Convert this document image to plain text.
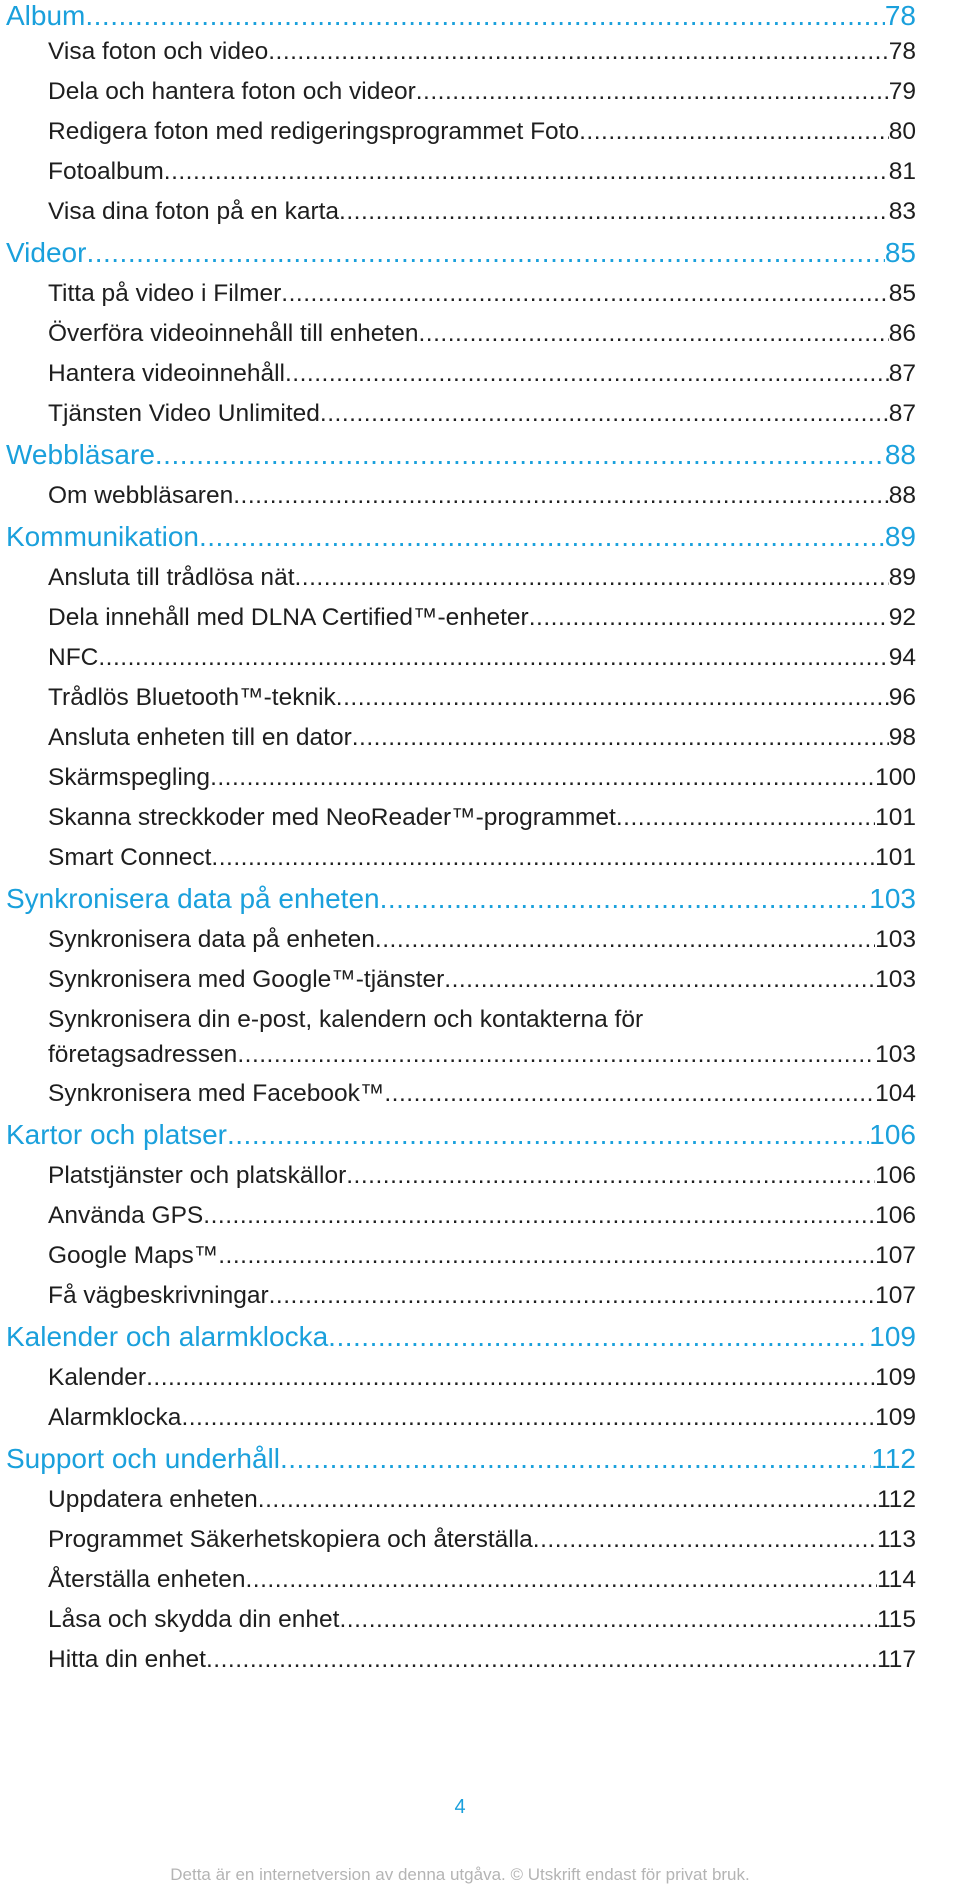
Album .....	78
Visa foton och video .....	78
Dela och hantera foton och videor .....	79
Redigera foton med redigeringsprogrammet Foto .....	80
Fotoalbum .....	81
Visa dina foton på en karta .....	83
Videor .....	85
Titta på video i Filmer .....	85
Överföra videoinnehåll till enheten .....	86
Hantera videoinnehåll .....	87
Tjänsten Video Unlimited .....	87
Webbläsare .....	88
Om webbläsaren .....	88
Kommunikation .....	89
Ansluta till trådlösa nät .....	89
Dela innehåll med DLNA Certified™-enheter .....	92
NFC .....	94
Trådlös Bluetooth™-teknik .....	96
Ansluta enheten till en dator .....	98
Skärmspegling .....	100
Skanna streckkoder med NeoReader™-programmet .....	101
Smart Connect .....	101
Synkronisera data på enheten .....	103
Synkronisera data på enheten .....	103
Synkronisera med Google™-tjänster .....	103
Synkronisera din e-post, kalendern och kontakterna för
företagsadressen .....	103
Synkronisera med Facebook™ .....	104
Kartor och platser .....	106
Platstjänster och platskällor .....	106
Använda GPS .....	106
Google Maps™ .....	107
Få vägbeskrivningar .....	107
Kalender och alarmklocka .....	109
Kalender .....	109
Alarmklocka .....	109
Support och underhåll .....	112
Uppdatera enheten .....	112
Programmet Säkerhetskopiera och återställa .....	113
Återställa enheten .....	114
Låsa och skydda din enhet .....	115
Hitta din enhet .....	117
4
Detta är en internetversion av denna utgåva. © Utskrift endast för privat bruk.
